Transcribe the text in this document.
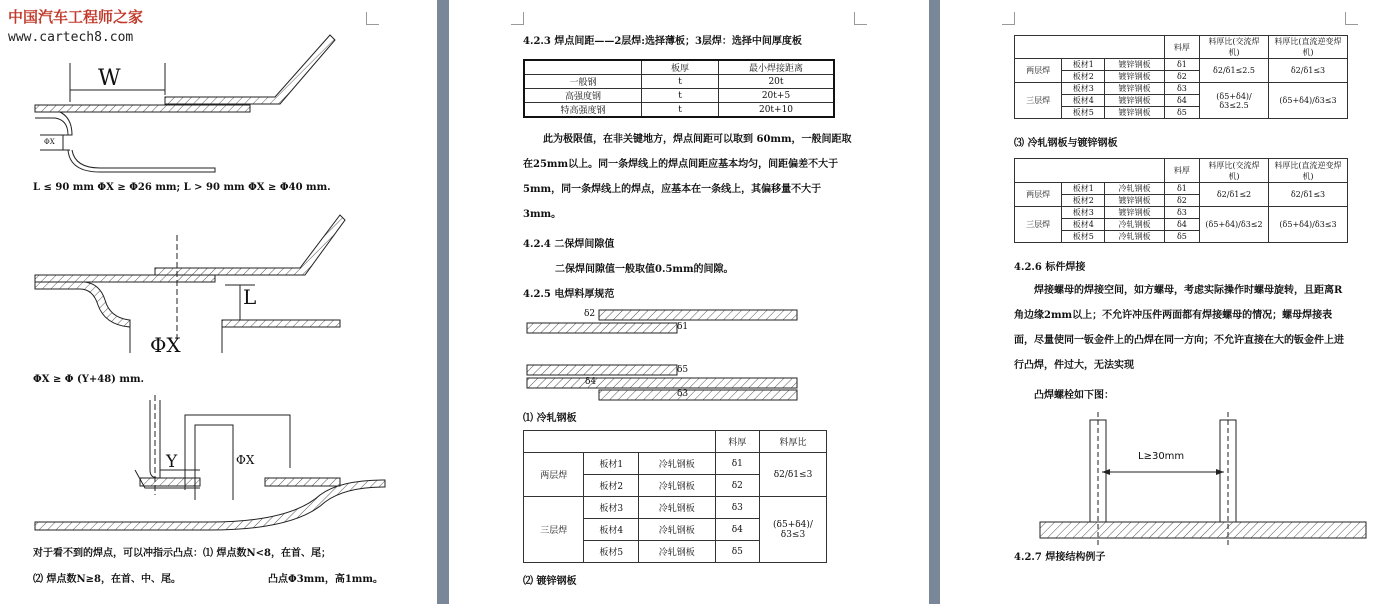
中国汽车工程师之家
www.cartech8.com
W
ΦX
L ≤ 90 mm ΦX ≥ Φ26 mm; L > 90 mm ΦX ≥ Φ40 mm.
L
ΦX
ΦX ≥ Φ (Y+48) mm.
Y	ΦX
对于看不到的焊点，可以冲指示凸点：⑴ 焊点数N<8，在首、尾；
⑵ 焊点数N≥8，在首、中、尾。	凸点Φ3mm，高1mm。
4.2.3 焊点间距——2层焊:选择薄板；3层焊：选择中间厚度板
	板厚	最小焊接距离
一般钢	t	20t
高强度钢	t	20t+5
特高强度钢	t	20t+10
此为极限值，在非关键地方，焊点间距可以取到 60mm，一般间距取在25mm以上。同一条焊线上的焊点间距应基本均匀，间距偏差不大于5mm，同一条焊线上的焊点，应基本在一条线上，其偏移量不大于3mm。
4.2.4 二保焊间隙值
二保焊间隙值一般取值0.5mm的间隙。
4.2.5 电焊料厚规范
δ2
δ1
δ5
δ4
δ3
⑴ 冷轧钢板
			料厚	料厚比
两层焊	板材1	冷轧钢板	δ1	δ2/δ1≤3
	板材2	冷轧钢板	δ2	
三层焊	板材3	冷轧钢板	δ3	(δ5+δ4)/δ3≤3
	板材4	冷轧钢板	δ4	
	板材5	冷轧钢板	δ5	
⑵ 镀锌钢板
			料厚	料厚比(交流焊机)	料厚比(直流逆变焊机)
两层焊	板材1	镀锌钢板	δ1	δ2/δ1≤2.5	δ2/δ1≤3
	板材2	镀锌钢板	δ2		
三层焊	板材3	镀锌钢板	δ3	(δ5+δ4)/δ3≤2.5	(δ5+δ4)/δ3≤3
	板材4	镀锌钢板	δ4		
	板材5	镀锌钢板	δ5		
⑶ 冷轧钢板与镀锌钢板
			料厚	料厚比(交流焊机)	料厚比(直流逆变焊机)
两层焊	板材1	冷轧钢板	δ1	δ2/δ1≤2	δ2/δ1≤3
	板材2	镀锌钢板	δ2		
三层焊	板材3	镀锌钢板	δ3	(δ5+δ4)/δ3≤2	(δ5+δ4)/δ3≤3
	板材4	冷轧钢板	δ4		
	板材5	冷轧钢板	δ5		
4.2.6 标件焊接
焊接螺母的焊接空间，如方螺母，考虑实际操作时螺母旋转，且距离R角边缘2mm以上；不允许冲压件两面都有焊接螺母的情况；螺母焊接表面，尽量使同一钣金件上的凸焊在同一方向；不允许直接在大的钣金件上进行凸焊，件过大，无法实现
凸焊螺栓如下图：
L≥30mm
4.2.7 焊接结构例子
